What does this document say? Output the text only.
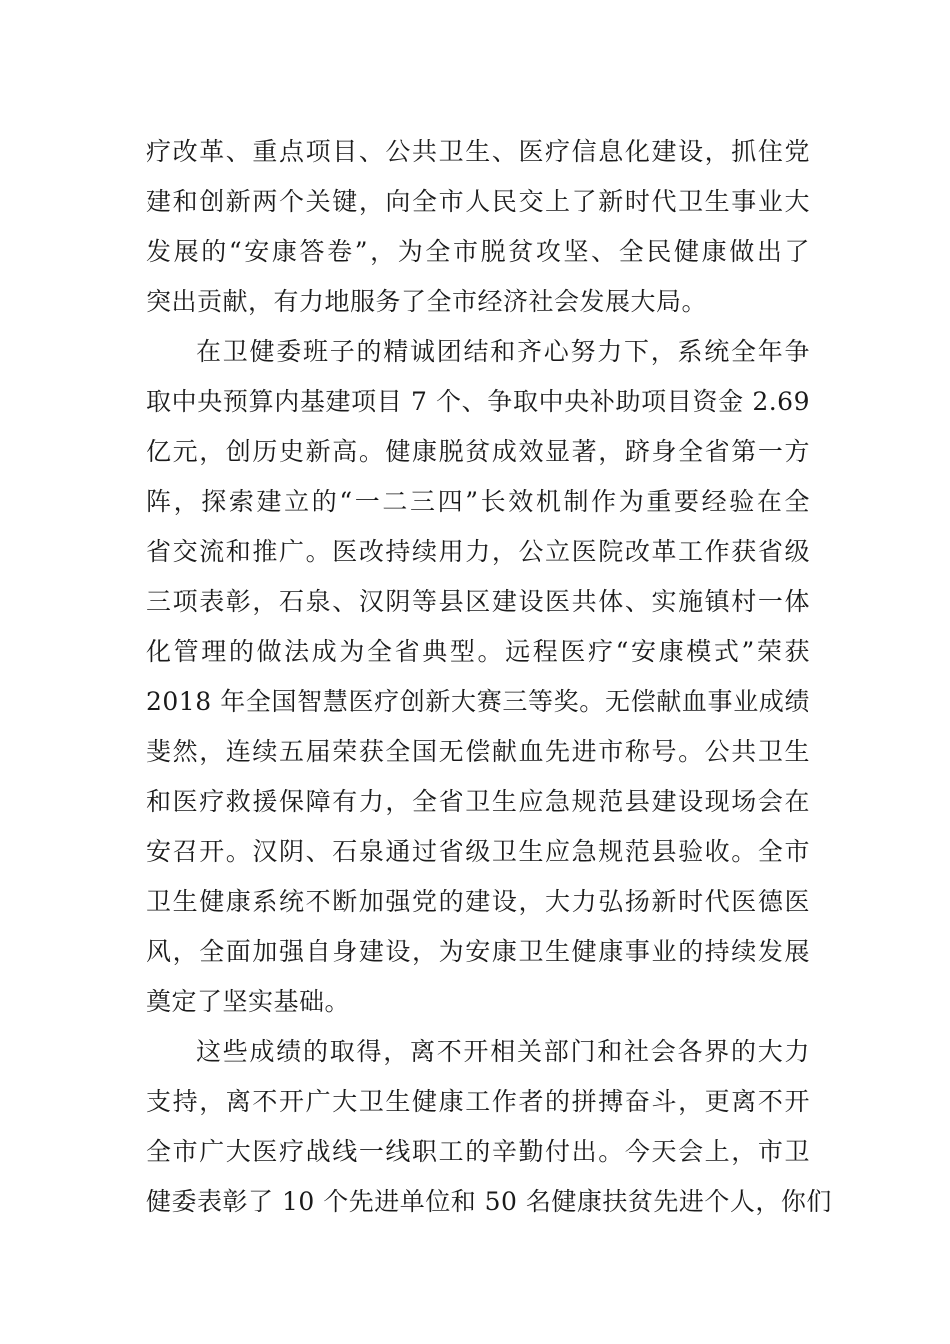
疗改革、重点项目、公共卫生、医疗信息化建设，抓住党
建和创新两个关键，向全市人民交上了新时代卫生事业大
发展的“安康答卷”，为全市脱贫攻坚、全民健康做出了
突出贡献，有力地服务了全市经济社会发展大局。
在卫健委班子的精诚团结和齐心努力下，系统全年争
取中央预算内基建项目 7 个、争取中央补助项目资金 2.69
亿元，创历史新高。健康脱贫成效显著，跻身全省第一方
阵，探索建立的“一二三四”长效机制作为重要经验在全
省交流和推广。医改持续用力，公立医院改革工作获省级
三项表彰，石泉、汉阴等县区建设医共体、实施镇村一体
化管理的做法成为全省典型。远程医疗“安康模式”荣获
2018 年全国智慧医疗创新大赛三等奖。无偿献血事业成绩
斐然，连续五届荣获全国无偿献血先进市称号。公共卫生
和医疗救援保障有力，全省卫生应急规范县建设现场会在
安召开。汉阴、石泉通过省级卫生应急规范县验收。全市
卫生健康系统不断加强党的建设，大力弘扬新时代医德医
风，全面加强自身建设，为安康卫生健康事业的持续发展
奠定了坚实基础。
这些成绩的取得，离不开相关部门和社会各界的大力
支持，离不开广大卫生健康工作者的拼搏奋斗，更离不开
全市广大医疗战线一线职工的辛勤付出。今天会上，市卫
健委表彰了 10 个先进单位和 50 名健康扶贫先进个人，你们
